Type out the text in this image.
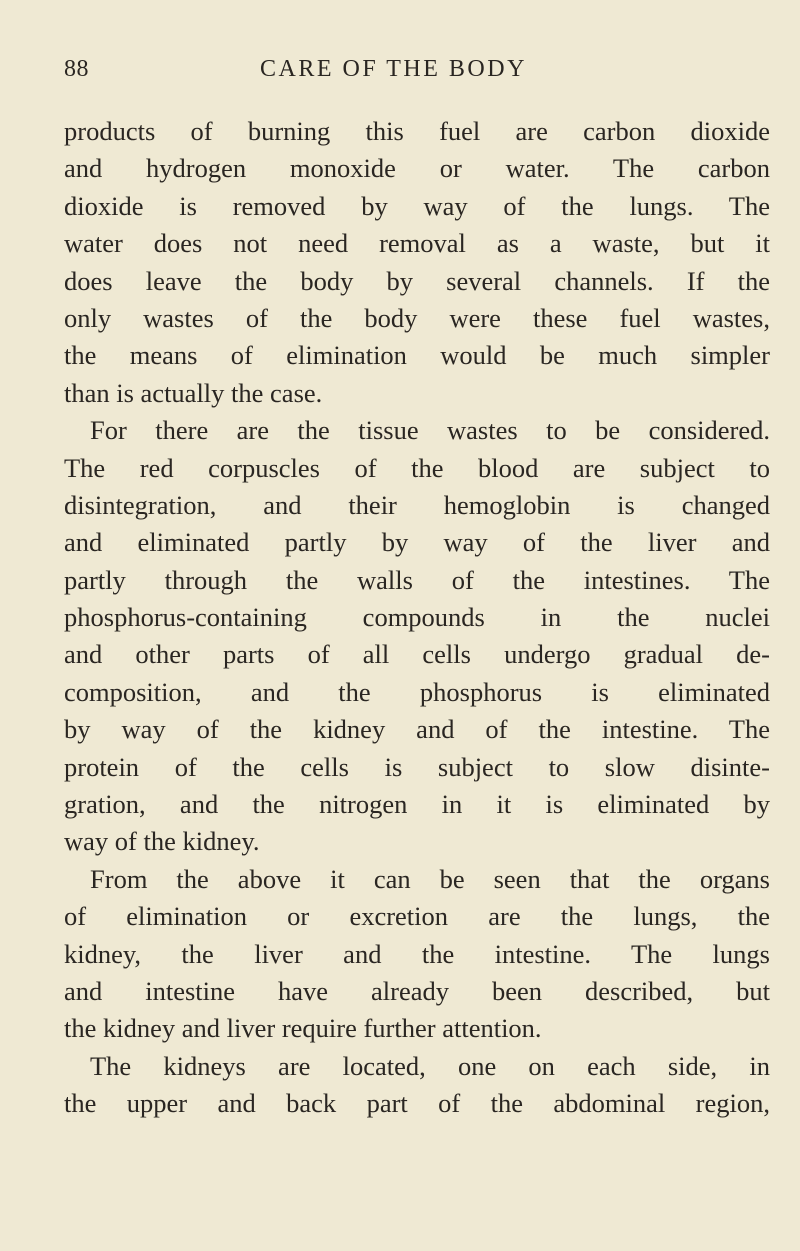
88	CARE OF THE BODY
products of burning this fuel are carbon dioxide
and hydrogen monoxide or water. The carbon
dioxide is removed by way of the lungs. The
water does not need removal as a waste, but it
does leave the body by several channels. If the
only wastes of the body were these fuel wastes,
the means of elimination would be much simpler
than is actually the case.
For there are the tissue wastes to be considered.
The red corpuscles of the blood are subject to
disintegration, and their hemoglobin is changed
and eliminated partly by way of the liver and
partly through the walls of the intestines. The
phosphorus-containing compounds in the nuclei
and other parts of all cells undergo gradual de-
composition, and the phosphorus is eliminated
by way of the kidney and of the intestine. The
protein of the cells is subject to slow disinte-
gration, and the nitrogen in it is eliminated by
way of the kidney.
From the above it can be seen that the organs
of elimination or excretion are the lungs, the
kidney, the liver and the intestine. The lungs
and intestine have already been described, but
the kidney and liver require further attention.
The kidneys are located, one on each side, in
the upper and back part of the abdominal region,
